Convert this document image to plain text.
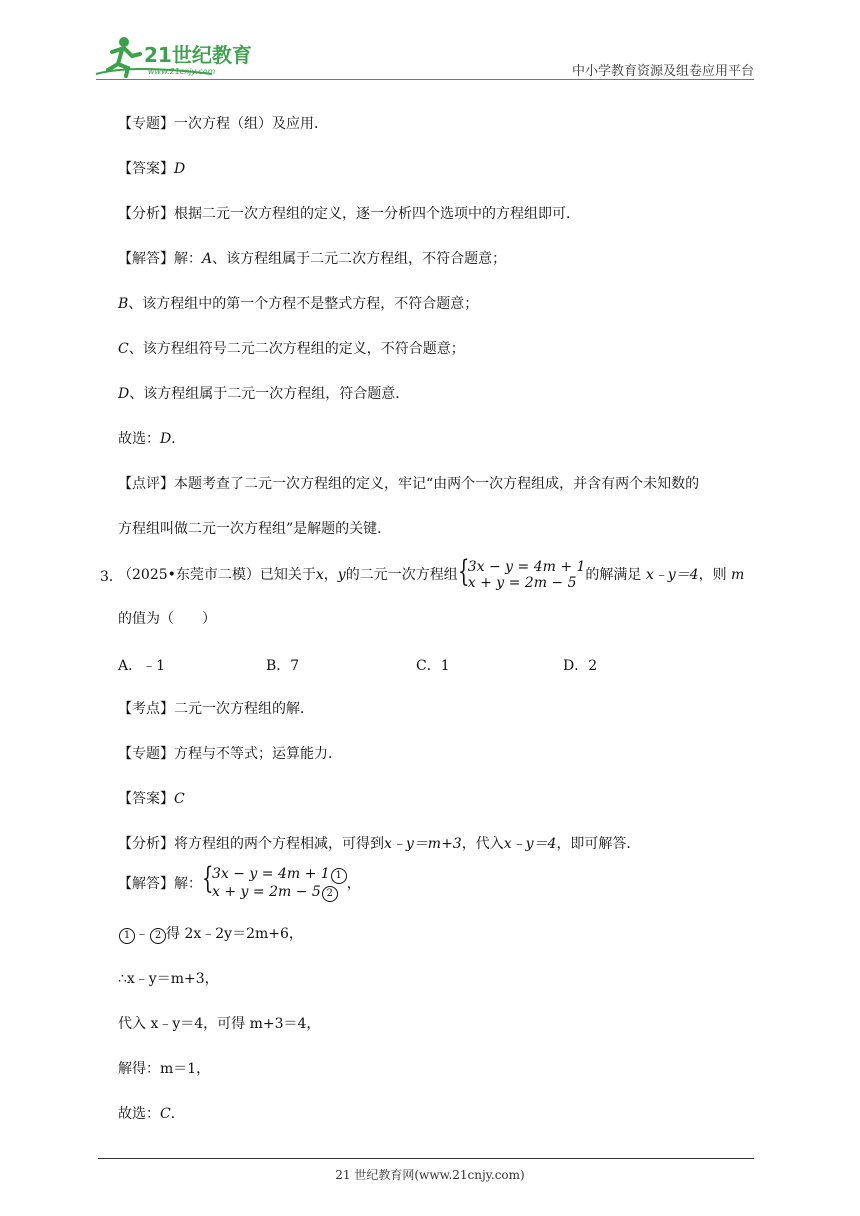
21世纪教育
www.21cnjy.com	中小学教育资源及组卷应用平台
【专题】一次方程（组）及应用．
【答案】D
【分析】根据二元一次方程组的定义，逐一分析四个选项中的方程组即可．
【解答】解：A、该方程组属于二元二次方程组，不符合题意；
B、该方程组中的第一个方程不是整式方程，不符合题意；
C、该方程组符号二元二次方程组的定义，不符合题意；
D、该方程组属于二元一次方程组，符合题意．
故选：D．
【点评】本题考查了二元一次方程组的定义，牢记“由两个一次方程组成，并含有两个未知数的
方程组叫做二元一次方程组”是解题的关键．
3．
（2025•东莞市二模）已知关于x，y的二元一次方程组 {
3x − y = 4m + 1
x + y = 2m − 5 的解满足 x﹣y＝4，则 m
的值为（　　）
A．﹣1	B．7	C．1	D．2
【考点】二元一次方程组的解．
【专题】方程与不等式；运算能力．
【答案】C
【分析】将方程组的两个方程相减，可得到x﹣y＝m+3，代入x﹣y＝4，即可解答．
【解答】解： {
3x − y = 4m + 1 1
x + y = 2m − 5 2
，
1 ﹣ 2 得 2x﹣2y＝2m+6，
∴x﹣y＝m+3，
代入 x﹣y＝4，可得 m+3＝4，
解得：m＝1，
故选：C．
21 世纪教育网(www.21cnjy.com)
